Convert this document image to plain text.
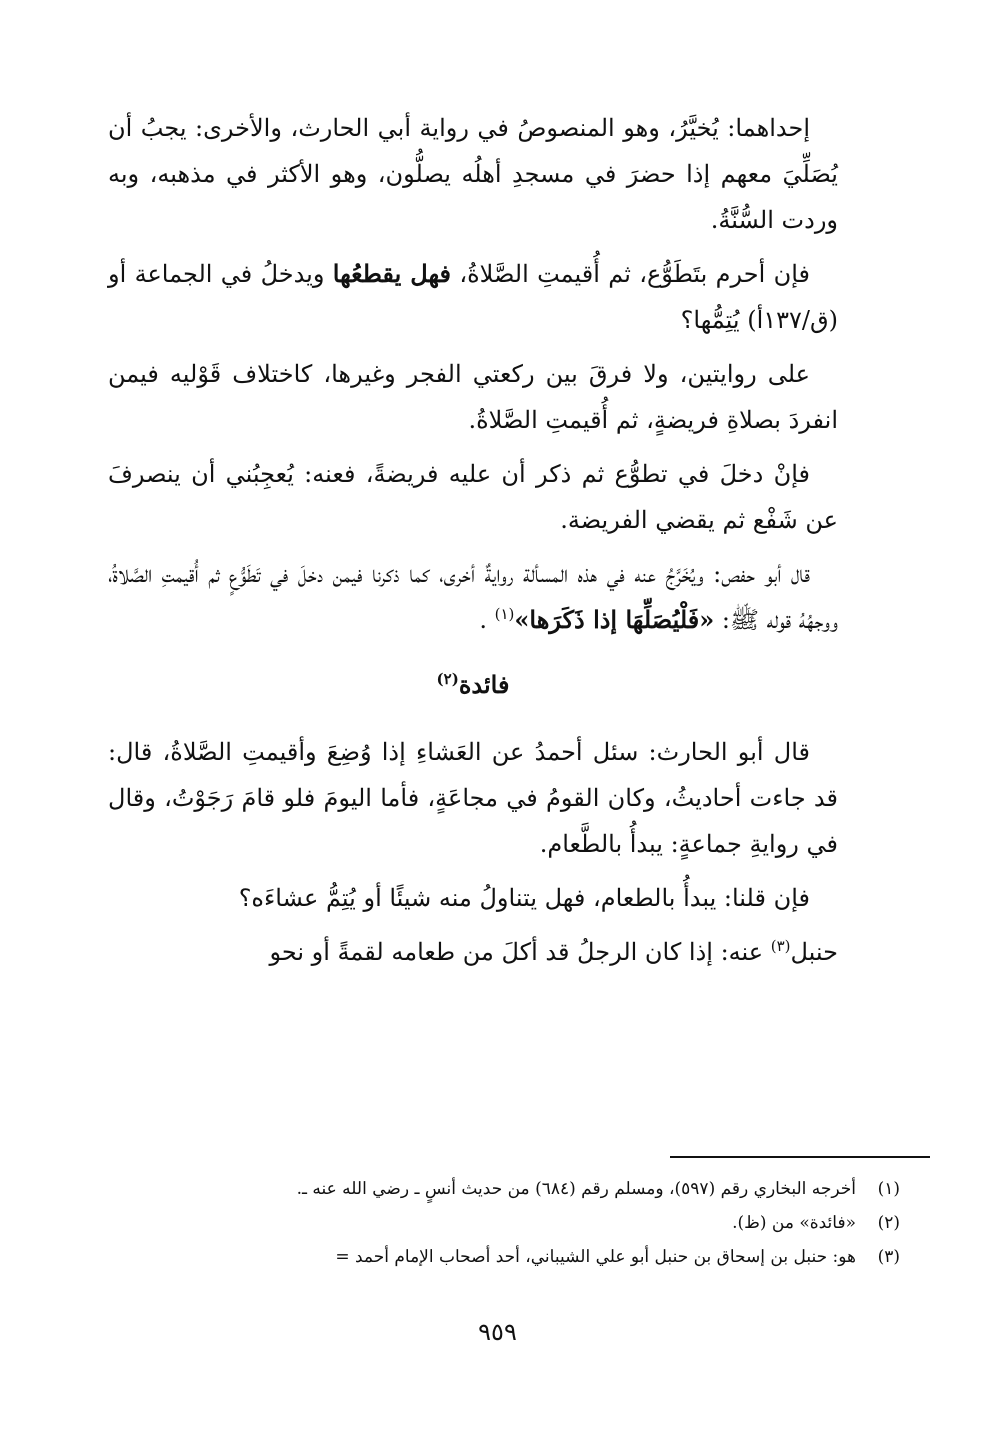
إحداهما: يُخيَّرُ، وهو المنصوصُ في رواية أبي الحارث، والأخرى: يجبُ أن يُصَلِّيَ معهم إذا حضرَ في مسجدِ أهلُه يصلُّون، وهو الأكثر في مذهبه، وبه وردت السُّنَّةُ.

فإن أحرم بتَطَوُّع، ثم أُقيمتِ الصَّلاةُ، فهل يقطعُها ويدخلُ في الجماعة أو (ق/١٣٧أ) يُتِمُّها؟

على روايتين، ولا فرقَ بين ركعتي الفجر وغيرها، كاختلاف قَوْليه فيمن انفردَ بصلاةِ فريضةٍ، ثم أُقيمتِ الصَّلاةُ.

فإنْ دخلَ في تطوُّع ثم ذكر أن عليه فريضةً، فعنه: يُعجِبُني أن ينصرفَ عن شَفْع ثم يقضي الفريضة.

قال أبو حفص: ويُخَرَّجُ عنه في هذه المسألة روايةٌ أخرى، كما ذكرنا فيمن دخلَ في تَطَوُّعٍ ثم أُقيمتِ الصَّلاةُ، ووجهُهُ قوله ﷺ: «فَلْيُصَلِّهَا إذا ذَكَرَها»$^{(١)}$ .

فائدة$^{(٢)}$

قال أبو الحارث: سئل أحمدُ عن العَشاءِ إذا وُضِعَ وأقيمتِ الصَّلاةُ، قال: قد جاءت أحاديثُ، وكان القومُ في مجاعَةٍ، فأما اليومَ فلو قامَ رَجَوْتُ، وقال في روايةِ جماعةٍ: يبدأُ بالطَّعام.

فإن قلنا: يبدأُ بالطعام، فهل يتناولُ منه شيئًا أو يُتِمُّ عشاءَه؟

حنبل$^{(٣)}$ عنه: إذا كان الرجلُ قد أكلَ من طعامه لقمةً أو نحو

(١)أخرجه البخاري رقم (٥٩٧)، ومسلم رقم (٦٨٤) من حديث أنسٍ ـ رضي الله عنه ـ.

(٢)«فائدة» من (ظ).

(٣)هو: حنبل بن إسحاق بن حنبل أبو علي الشيباني، أحد أصحاب الإمام أحمد =

٩٥٩
